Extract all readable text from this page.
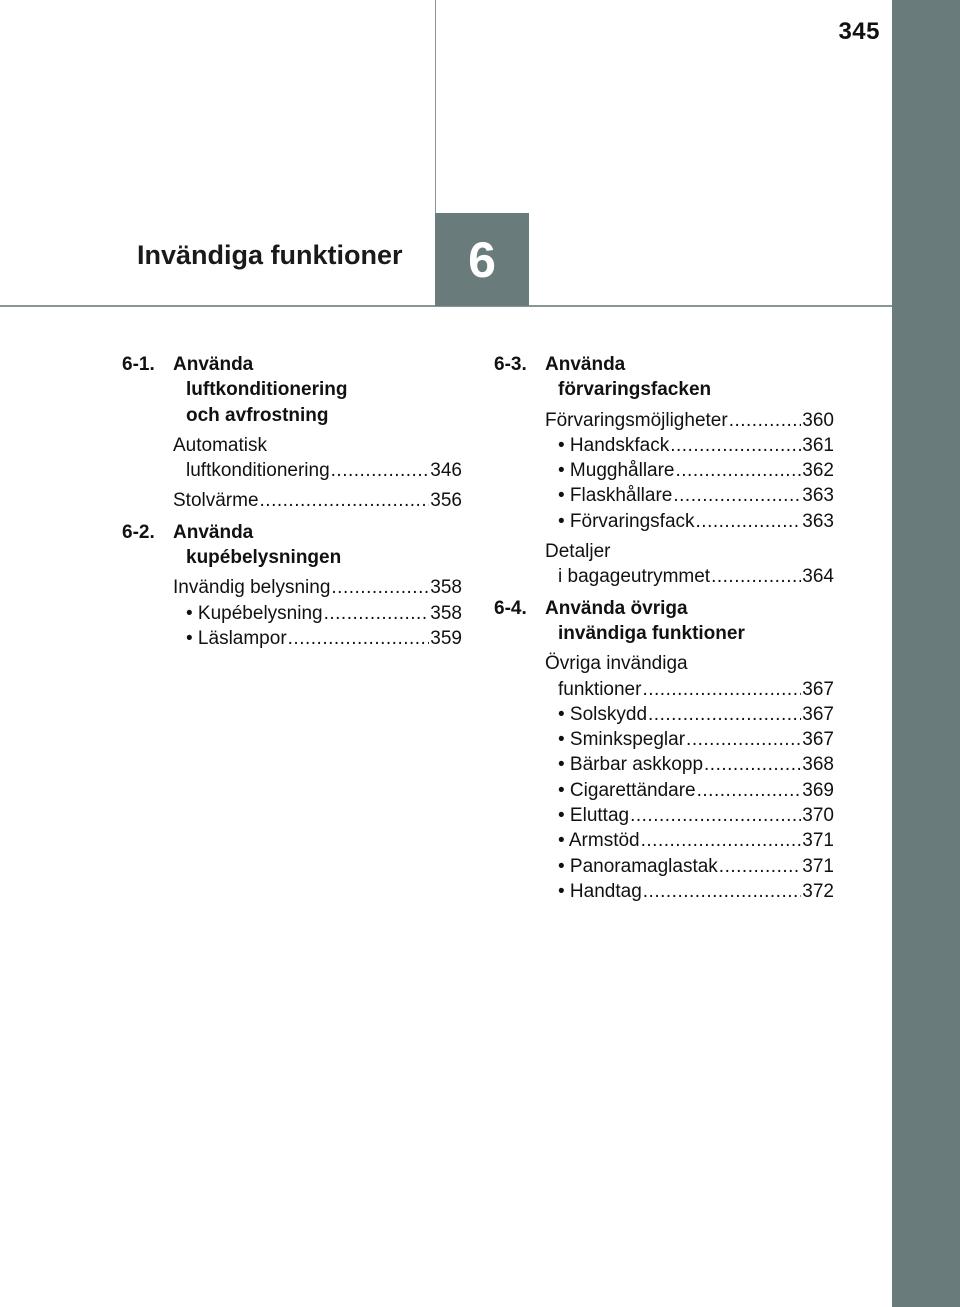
345
Invändiga funktioner	6
6-1. Använda
luftkonditionering
och avfrostning
Automatisk
luftkonditionering .....	346
Stolvärme .....	356
6-2. Använda
kupébelysningen
Invändig belysning .....	358
• Kupébelysning .....	358
• Läslampor .....	359
6-3. Använda
förvaringsfacken
Förvaringsmöjligheter .....	360
• Handskfack .....	361
• Mugghållare .....	362
• Flaskhållare .....	363
• Förvaringsfack .....	363
Detaljer
i bagageutrymmet .....	364
6-4. Använda övriga
invändiga funktioner
Övriga invändiga
funktioner .....	367
• Solskydd .....	367
• Sminkspeglar .....	367
• Bärbar askkopp .....	368
• Cigarettändare .....	369
• Eluttag .....	370
• Armstöd .....	371
• Panoramaglastak .....	371
• Handtag .....	372
